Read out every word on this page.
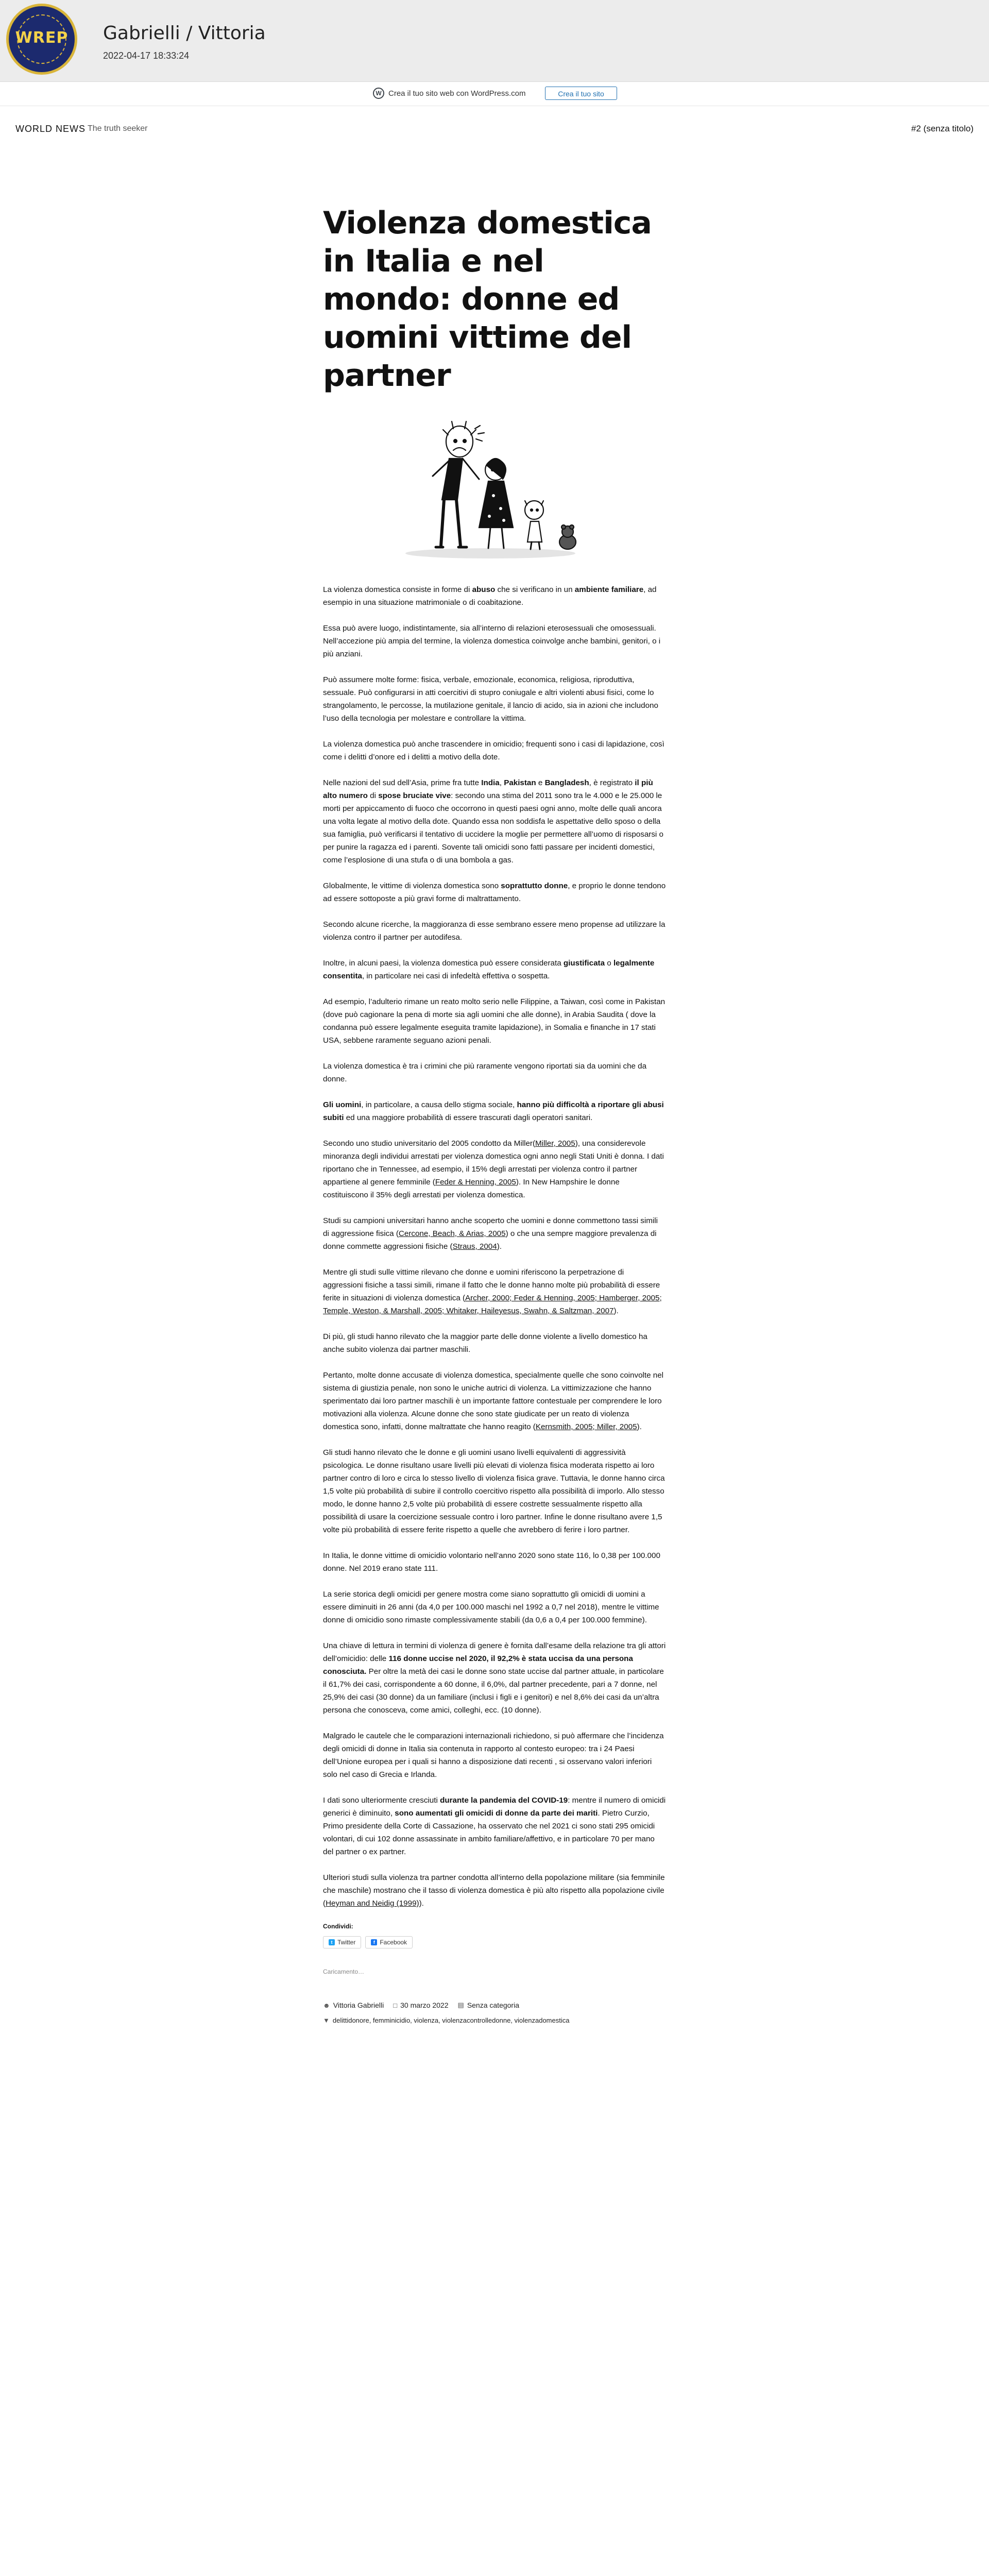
WREP	Gabrielli / Vittoria
2022-04-17 18:33:24
W Crea il tuo sito web con WordPress.com	Crea il tuo sito
WORLD NEWS The truth seeker	#2 (senza titolo)
Violenza domestica in Italia e nel mondo: donne ed uomini vittime del partner

La violenza domestica consiste in forme di abuso che si verificano in un ambiente familiare, ad esempio in una situazione matrimoniale o di coabitazione.

Essa può avere luogo, indistintamente, sia all’interno di relazioni eterosessuali che omosessuali. Nell’accezione più ampia del termine, la violenza domestica coinvolge anche bambini, genitori, o i più anziani.

Può assumere molte forme: fisica, verbale, emozionale, economica, religiosa, riproduttiva, sessuale. Può configurarsi in atti coercitivi di stupro coniugale e altri violenti abusi fisici, come lo strangolamento, le percosse, la mutilazione genitale, il lancio di acido, sia in azioni che includono l’uso della tecnologia per molestare e controllare la vittima.

La violenza domestica può anche trascendere in omicidio; frequenti sono i casi di lapidazione, così come i delitti d’onore ed i delitti a motivo della dote.

Nelle nazioni del sud dell’Asia, prime fra tutte India, Pakistan e Bangladesh, è registrato il più alto numero di spose bruciate vive: secondo una stima del 2011 sono tra le 4.000 e le 25.000 le morti per appiccamento di fuoco che occorrono in questi paesi ogni anno, molte delle quali ancora una volta legate al motivo della dote. Quando essa non soddisfa le aspettative dello sposo o della sua famiglia, può verificarsi il tentativo di uccidere la moglie per permettere all’uomo di risposarsi o per punire la ragazza ed i parenti. Sovente tali omicidi sono fatti passare per incidenti domestici, come l’esplosione di una stufa o di una bombola a gas.

Globalmente, le vittime di violenza domestica sono soprattutto donne, e proprio le donne tendono ad essere sottoposte a più gravi forme di maltrattamento.

Secondo alcune ricerche, la maggioranza di esse sembrano essere meno propense ad utilizzare la violenza contro il partner per autodifesa.

Inoltre, in alcuni paesi, la violenza domestica può essere considerata giustificata o legalmente consentita, in particolare nei casi di infedeltà effettiva o sospetta.

Ad esempio, l’adulterio rimane un reato molto serio nelle Filippine, a Taiwan, così come in Pakistan (dove può cagionare la pena di morte sia agli uomini che alle donne), in Arabia Saudita ( dove la condanna può essere legalmente eseguita tramite lapidazione), in Somalia e finanche in 17 stati USA, sebbene raramente seguano azioni penali.

La violenza domestica è tra i crimini che più raramente vengono riportati sia da uomini che da donne.

Gli uomini, in particolare, a causa dello stigma sociale, hanno più difficoltà a riportare gli abusi subiti ed una maggiore probabilità di essere trascurati dagli operatori sanitari.

Secondo uno studio universitario del 2005 condotto da Miller(Miller, 2005), una considerevole minoranza degli individui arrestati per violenza domestica ogni anno negli Stati Uniti è donna. I dati riportano che in Tennessee, ad esempio, il 15% degli arrestati per violenza contro il partner appartiene al genere femminile (Feder & Henning, 2005). In New Hampshire le donne costituiscono il 35% degli arrestati per violenza domestica.

Studi su campioni universitari hanno anche scoperto che uomini e donne commettono tassi simili di aggressione fisica (Cercone, Beach, & Arias, 2005) o che una sempre maggiore prevalenza di donne commette aggressioni fisiche (Straus, 2004).

Mentre gli studi sulle vittime rilevano che donne e uomini riferiscono la perpetrazione di aggressioni fisiche a tassi simili, rimane il fatto che le donne hanno molte più probabilità di essere ferite in situazioni di violenza domestica (Archer, 2000; Feder & Henning, 2005; Hamberger, 2005; Temple, Weston, & Marshall, 2005; Whitaker, Haileyesus, Swahn, & Saltzman, 2007).

Di più, gli studi hanno rilevato che la maggior parte delle donne violente a livello domestico ha anche subito violenza dai partner maschili.

Pertanto, molte donne accusate di violenza domestica, specialmente quelle che sono coinvolte nel sistema di giustizia penale, non sono le uniche autrici di violenza. La vittimizzazione che hanno sperimentato dai loro partner maschili è un importante fattore contestuale per comprendere le loro motivazioni alla violenza. Alcune donne che sono state giudicate per un reato di violenza domestica sono, infatti, donne maltrattate che hanno reagito (Kernsmith, 2005; Miller, 2005).

Gli studi hanno rilevato che le donne e gli uomini usano livelli equivalenti di aggressività psicologica. Le donne risultano usare livelli più elevati di violenza fisica moderata rispetto ai loro partner contro di loro e circa lo stesso livello di violenza fisica grave. Tuttavia, le donne hanno circa 1,5 volte più probabilità di subire il controllo coercitivo rispetto alla possibilità di imporlo. Allo stesso modo, le donne hanno 2,5 volte più probabilità di essere costrette sessualmente rispetto alla possibilità di usare la coercizione sessuale contro i loro partner. Infine le donne risultano avere 1,5 volte più probabilità di essere ferite rispetto a quelle che avrebbero di ferire i loro partner.

In Italia, le donne vittime di omicidio volontario nell’anno 2020 sono state 116, lo 0,38 per 100.000 donne. Nel 2019 erano state 111.

La serie storica degli omicidi per genere mostra come siano soprattutto gli omicidi di uomini a essere diminuiti in 26 anni (da 4,0 per 100.000 maschi nel 1992 a 0,7 nel 2018), mentre le vittime donne di omicidio sono rimaste complessivamente stabili (da 0,6 a 0,4 per 100.000 femmine).

Una chiave di lettura in termini di violenza di genere è fornita dall’esame della relazione tra gli attori dell’omicidio: delle 116 donne uccise nel 2020, il 92,2% è stata uccisa da una persona conosciuta. Per oltre la metà dei casi le donne sono state uccise dal partner attuale, in particolare il 61,7% dei casi, corrispondente a 60 donne, il 6,0%, dal partner precedente, pari a 7 donne, nel 25,9% dei casi (30 donne) da un familiare (inclusi i figli e i genitori) e nel 8,6% dei casi da un’altra persona che conosceva, come amici, colleghi, ecc. (10 donne).

Malgrado le cautele che le comparazioni internazionali richiedono, si può affermare che l’incidenza degli omicidi di donne in Italia sia contenuta in rapporto al contesto europeo: tra i 24 Paesi dell’Unione europea per i quali si hanno a disposizione dati recenti , si osservano valori inferiori solo nel caso di Grecia e Irlanda.

I dati sono ulteriormente cresciuti durante la pandemia del COVID-19: mentre il numero di omicidi generici è diminuito, sono aumentati gli omicidi di donne da parte dei mariti. Pietro Curzio, Primo presidente della Corte di Cassazione, ha osservato che nel 2021 ci sono stati 295 omicidi volontari, di cui 102 donne assassinate in ambito familiare/affettivo, e in particolare 70 per mano del partner o ex partner.

Ulteriori studi sulla violenza tra partner condotta all’interno della popolazione militare (sia femminile che maschile) mostrano che il tasso di violenza domestica è più alto rispetto alla popolazione civile (Heyman and Neidig (1999)).

Condividi:
t Twitter	f Facebook
Caricamento…
☻ Vittoria Gabrielli □ 30 marzo 2022 ▤ Senza categoria
▼ delittidonore, femminicidio, violenza, violenzacontrolledonne, violenzadomestica
